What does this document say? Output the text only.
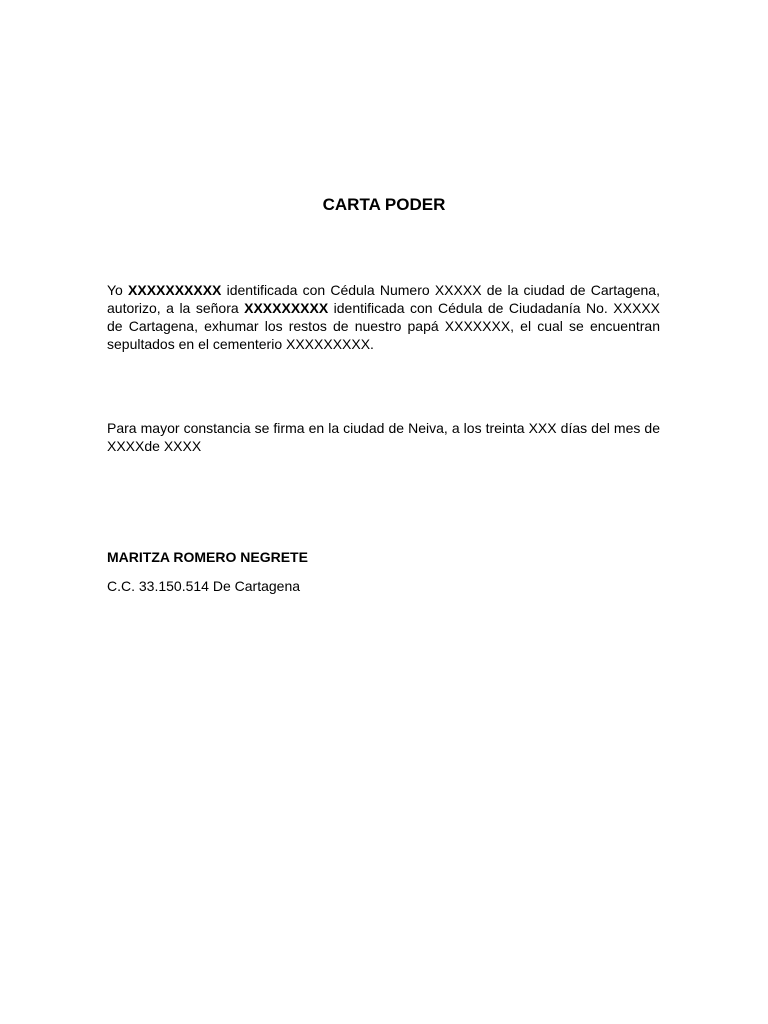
CARTA PODER

Yo XXXXXXXXXX identificada con Cédula Numero XXXXX de la ciudad de Cartagena, autorizo, a la señora XXXXXXXXX identificada con Cédula de Ciudadanía No. XXXXX de Cartagena, exhumar los restos de nuestro papá XXXXXXX, el cual se encuentran sepultados en el cementerio XXXXXXXXX.

Para mayor constancia se firma en la ciudad de Neiva, a los treinta XXX días del mes de XXXXde XXXX

MARITZA ROMERO NEGRETE

C.C. 33.150.514 De Cartagena
